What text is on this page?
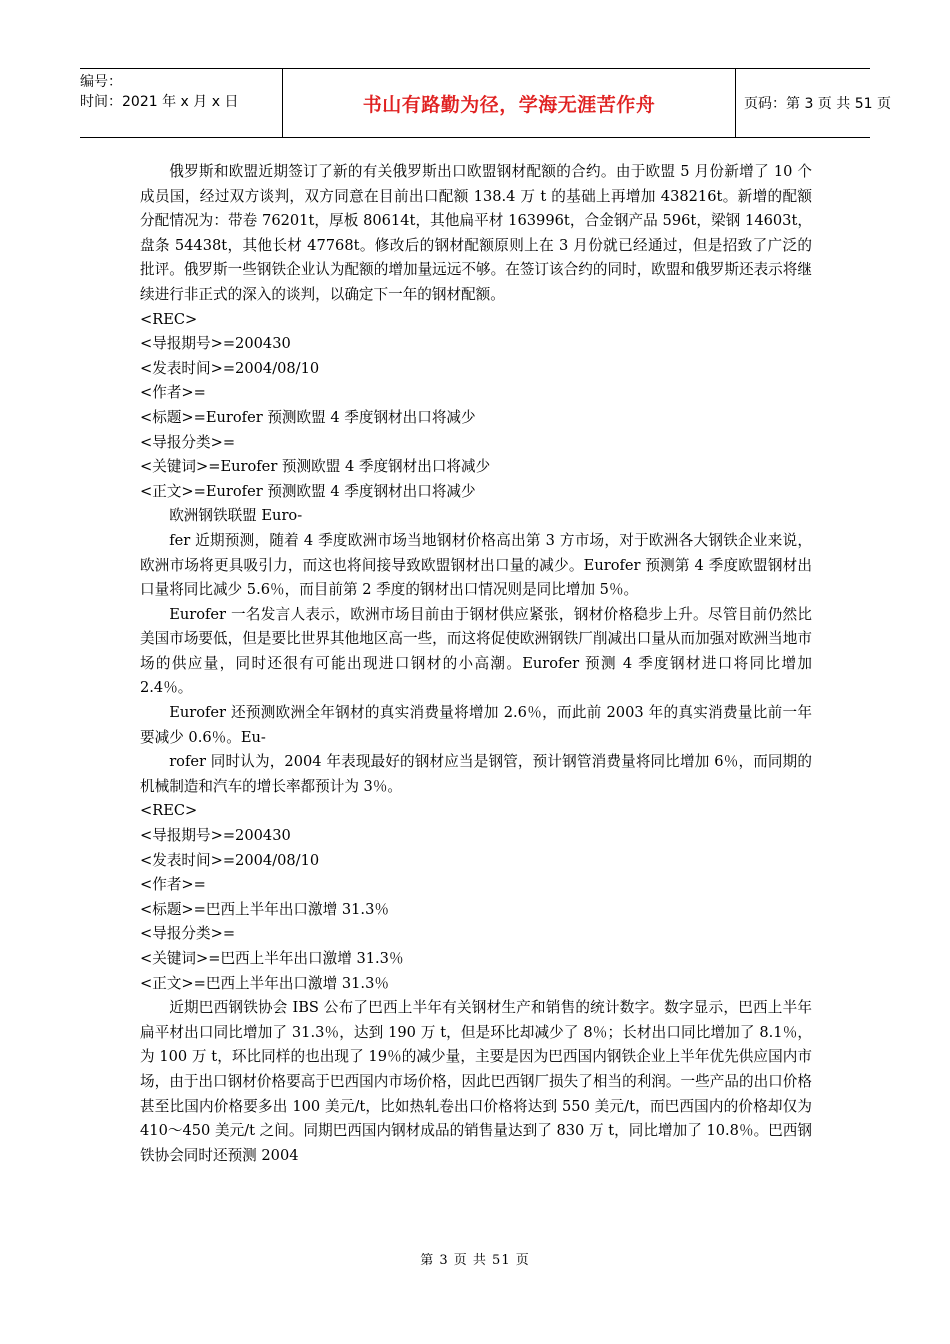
编号：
时间：2021 年 x 月 x 日	书山有路勤为径，学海无涯苦作舟	页码：第 3 页 共 51 页

俄罗斯和欧盟近期签订了新的有关俄罗斯出口欧盟钢材配额的合约。由于欧盟 5 月份新增了 10 个成员国，经过双方谈判，双方同意在目前出口配额 138.4 万 t 的基础上再增加 438216t。新增的配额分配情况为：带卷 76201t，厚板 80614t，其他扁平材 163996t，合金钢产品 596t，梁钢 14603t，盘条 54438t，其他长材 47768t。修改后的钢材配额原则上在 3 月份就已经通过，但是招致了广泛的批评。俄罗斯一些钢铁企业认为配额的增加量远远不够。在签订该合约的同时，欧盟和俄罗斯还表示将继续进行非正式的深入的谈判，以确定下一年的钢材配额。

<REC>

<导报期号>=200430

<发表时间>=2004/08/10

<作者>=

<标题>=Eurofer 预测欧盟 4 季度钢材出口将减少

<导报分类>=

<关键词>=Eurofer 预测欧盟 4 季度钢材出口将减少

<正文>=Eurofer 预测欧盟 4 季度钢材出口将减少

欧洲钢铁联盟 Euro-

fer 近期预测，随着 4 季度欧洲市场当地钢材价格高出第 3 方市场，对于欧洲各大钢铁企业来说，欧洲市场将更具吸引力，而这也将间接导致欧盟钢材出口量的减少。Eurofer 预测第 4 季度欧盟钢材出口量将同比减少 5.6％，而目前第 2 季度的钢材出口情况则是同比增加 5％。

Eurofer 一名发言人表示，欧洲市场目前由于钢材供应紧张，钢材价格稳步上升。尽管目前仍然比美国市场要低，但是要比世界其他地区高一些，而这将促使欧洲钢铁厂削减出口量从而加强对欧洲当地市场的供应量，同时还很有可能出现进口钢材的小高潮。Eurofer 预测 4 季度钢材进口将同比增加 2.4％。

Eurofer 还预测欧洲全年钢材的真实消费量将增加 2.6％，而此前 2003 年的真实消费量比前一年要减少 0.6％。Eu-

rofer 同时认为，2004 年表现最好的钢材应当是钢管，预计钢管消费量将同比增加 6％，而同期的机械制造和汽车的增长率都预计为 3％。

<REC>

<导报期号>=200430

<发表时间>=2004/08/10

<作者>=

<标题>=巴西上半年出口激增 31.3％

<导报分类>=

<关键词>=巴西上半年出口激增 31.3％

<正文>=巴西上半年出口激增 31.3％

近期巴西钢铁协会 IBS 公布了巴西上半年有关钢材生产和销售的统计数字。数字显示，巴西上半年扁平材出口同比增加了 31.3％，达到 190 万 t，但是环比却减少了 8％；长材出口同比增加了 8.1％，为 100 万 t，环比同样的也出现了 19％的减少量，主要是因为巴西国内钢铁企业上半年优先供应国内市场，由于出口钢材价格要高于巴西国内市场价格，因此巴西钢厂损失了相当的利润。一些产品的出口价格甚至比国内价格要多出 100 美元/t，比如热轧卷出口价格将达到 550 美元/t，而巴西国内的价格却仅为 410～450 美元/t 之间。同期巴西国内钢材成品的销售量达到了 830 万 t，同比增加了 10.8％。巴西钢铁协会同时还预测 2004

第 3 页 共 51 页
